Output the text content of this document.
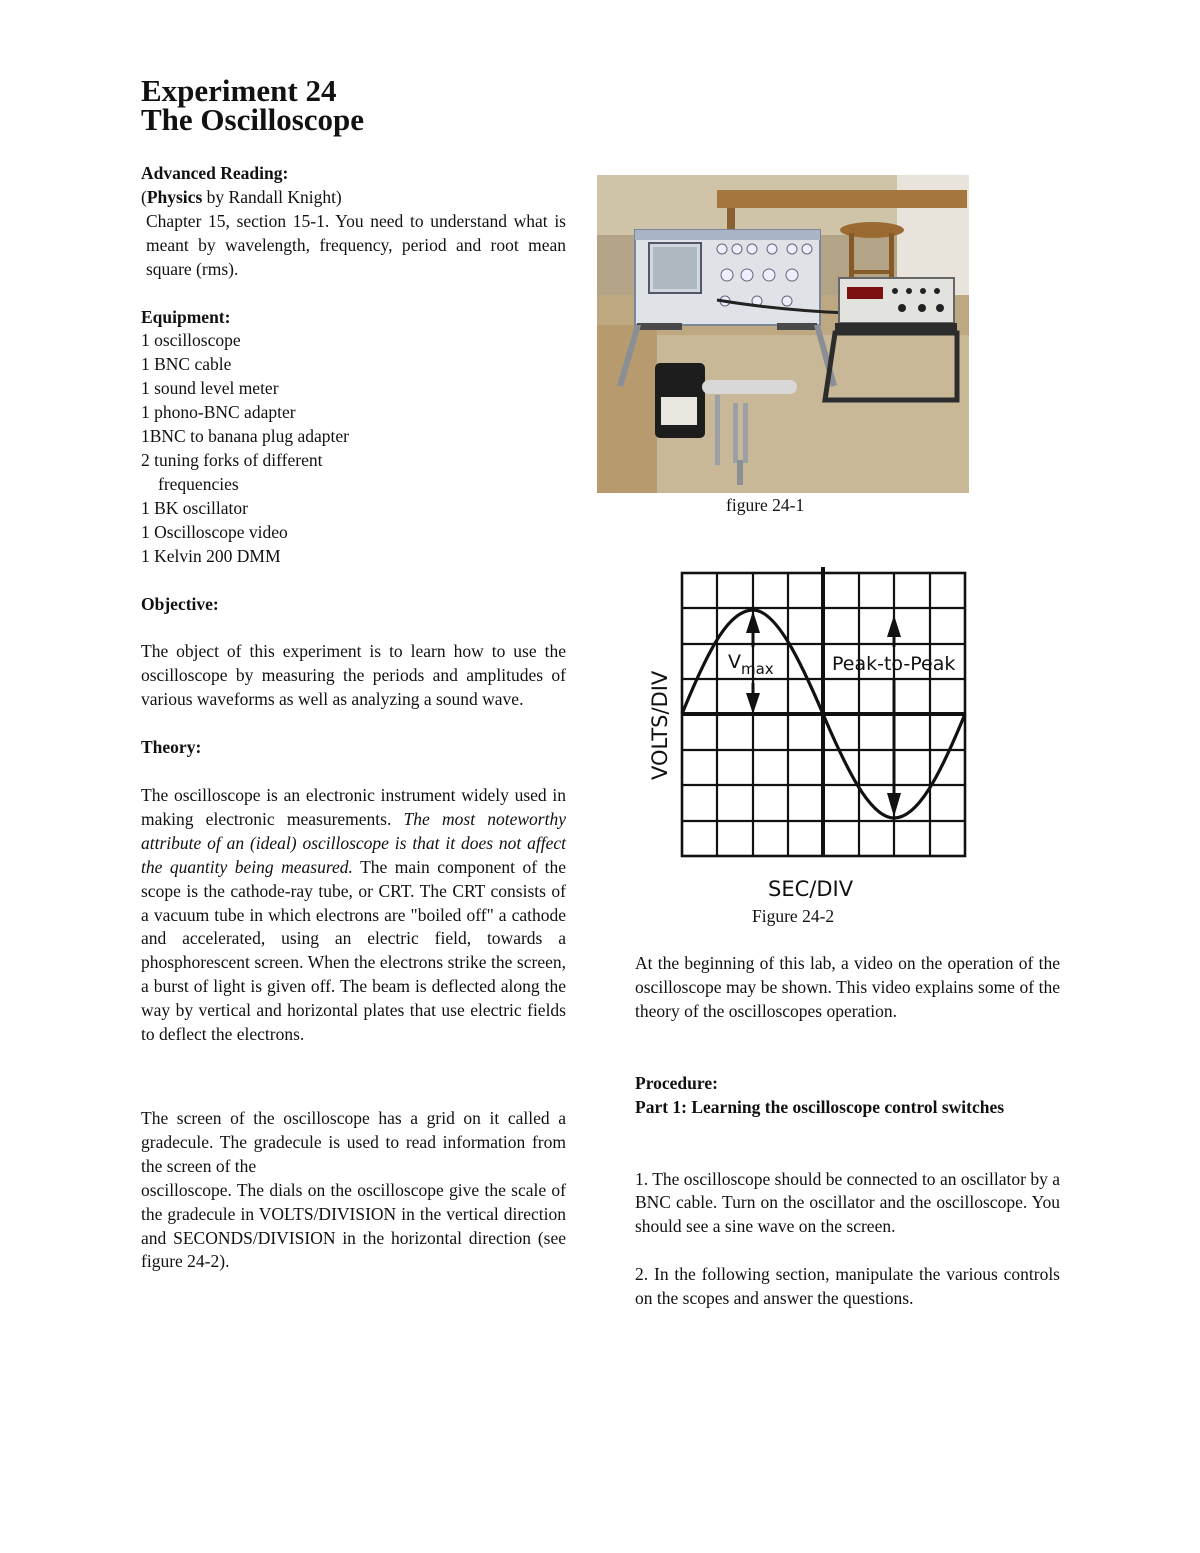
Experiment 24
The Oscilloscope

Advanced Reading:

(Physics by Randall Knight)

Chapter 15, section 15-1. You need to understand what is meant by wavelength, frequency, period and root mean square (rms).

Equipment:

1 oscilloscope

1 BNC cable

1 sound level meter

1 phono-BNC adapter

1BNC to banana plug adapter

2 tuning forks of different

frequencies

1 BK oscillator

1 Oscilloscope video

1 Kelvin 200 DMM

Objective:

The object of this experiment is to learn how to use the oscilloscope by measuring the periods and amplitudes of various waveforms as well as analyzing a sound wave.

Theory:

The oscilloscope is an electronic instrument widely used in making electronic measurements. The most noteworthy attribute of an (ideal) oscilloscope is that it does not affect the quantity being measured. The main component of the scope is the cathode-ray tube, or CRT. The CRT consists of a vacuum tube in which electrons are "boiled off" a cathode and accelerated, using an electric field, towards a phosphorescent screen. When the electrons strike the screen, a burst of light is given off. The beam is deflected along the way by vertical and horizontal plates that use electric fields to deflect the electrons.

The screen of the oscilloscope has a grid on it called a gradecule. The gradecule is used to read information from the screen of the

oscilloscope. The dials on the oscilloscope give the scale of the gradecule in VOLTS/DIVISION in the vertical direction and SECONDS/DIVISION in the horizontal direction (see figure 24-2).

figure 24-1
$V_{max}$	Peak-to-Peak
VOLTS/DIV
SEC/DIV
Figure 24-2

At the beginning of this lab, a video on the operation of the oscilloscope may be shown. This video explains some of the theory of the oscilloscopes operation.

Procedure:

Part 1: Learning the oscilloscope control switches

1. The oscilloscope should be connected to an oscillator by a BNC cable. Turn on the oscillator and the oscilloscope. You should see a sine wave on the screen.

2. In the following section, manipulate the various controls on the scopes and answer the questions.
